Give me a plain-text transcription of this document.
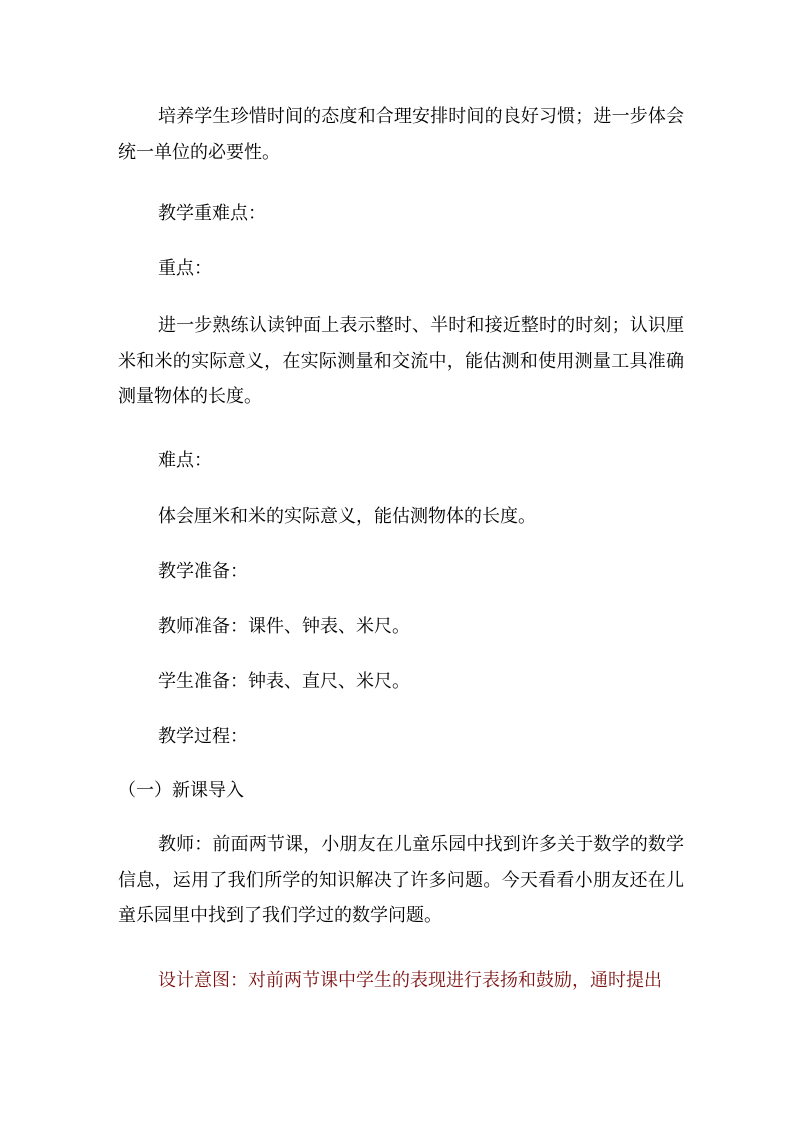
培养学生珍惜时间的态度和合理安排时间的良好习惯；进一步体会统一单位的必要性。

教学重难点：

重点：

进一步熟练认读钟面上表示整时、半时和接近整时的时刻；认识厘米和米的实际意义，在实际测量和交流中，能估测和使用测量工具准确测量物体的长度。

难点：

体会厘米和米的实际意义，能估测物体的长度。

教学准备：

教师准备：课件、钟表、米尺。

学生准备：钟表、直尺、米尺。

教学过程：

（一）新课导入

教师：前面两节课，小朋友在儿童乐园中找到许多关于数学的数学信息，运用了我们所学的知识解决了许多问题。今天看看小朋友还在儿童乐园里中找到了我们学过的数学问题。

设计意图：对前两节课中学生的表现进行表扬和鼓励，通时提出
